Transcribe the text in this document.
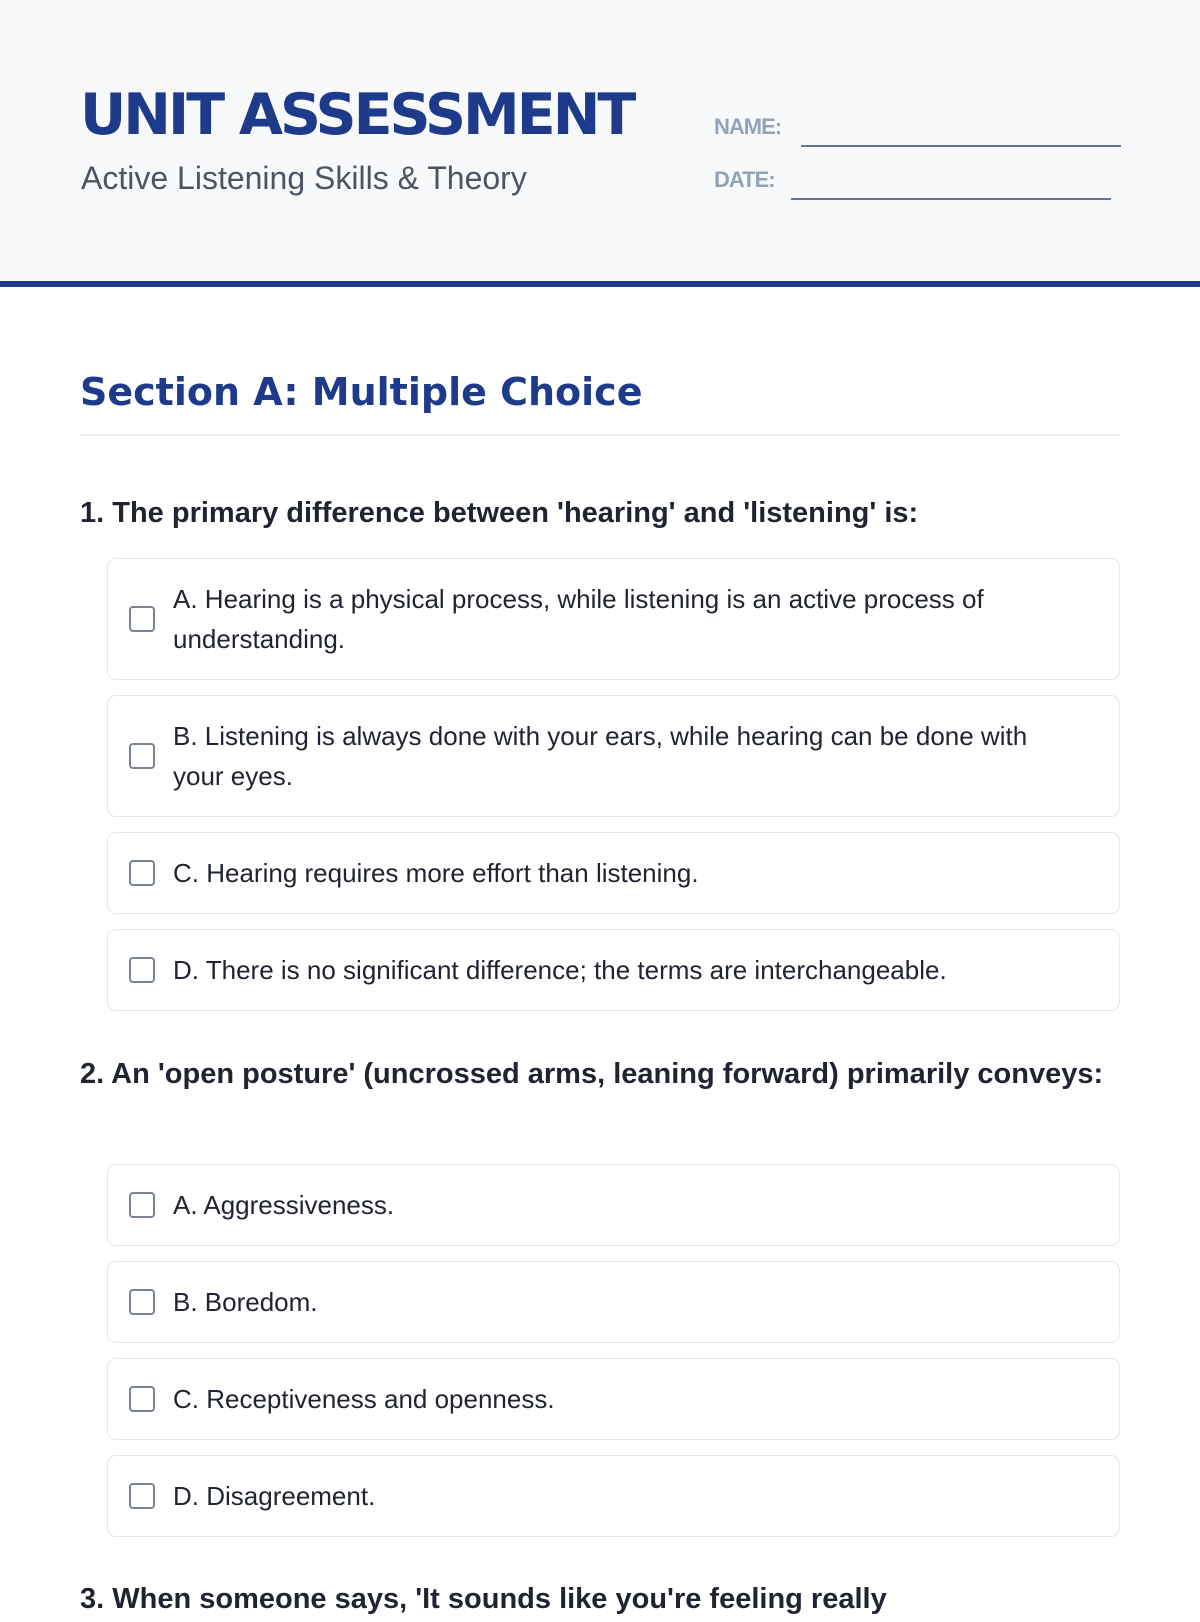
UNIT ASSESSMENT
Active Listening Skills & Theory
NAME:
DATE:
Section A: Multiple Choice
1. The primary difference between 'hearing' and 'listening' is:
A. Hearing is a physical process, while listening is an active process of understanding.
B. Listening is always done with your ears, while hearing can be done with your eyes.
C. Hearing requires more effort than listening.
D. There is no significant difference; the terms are interchangeable.
2. An 'open posture' (uncrossed arms, leaning forward) primarily conveys:
A. Aggressiveness.
B. Boredom.
C. Receptiveness and openness.
D. Disagreement.
3. When someone says, 'It sounds like you're feeling really
